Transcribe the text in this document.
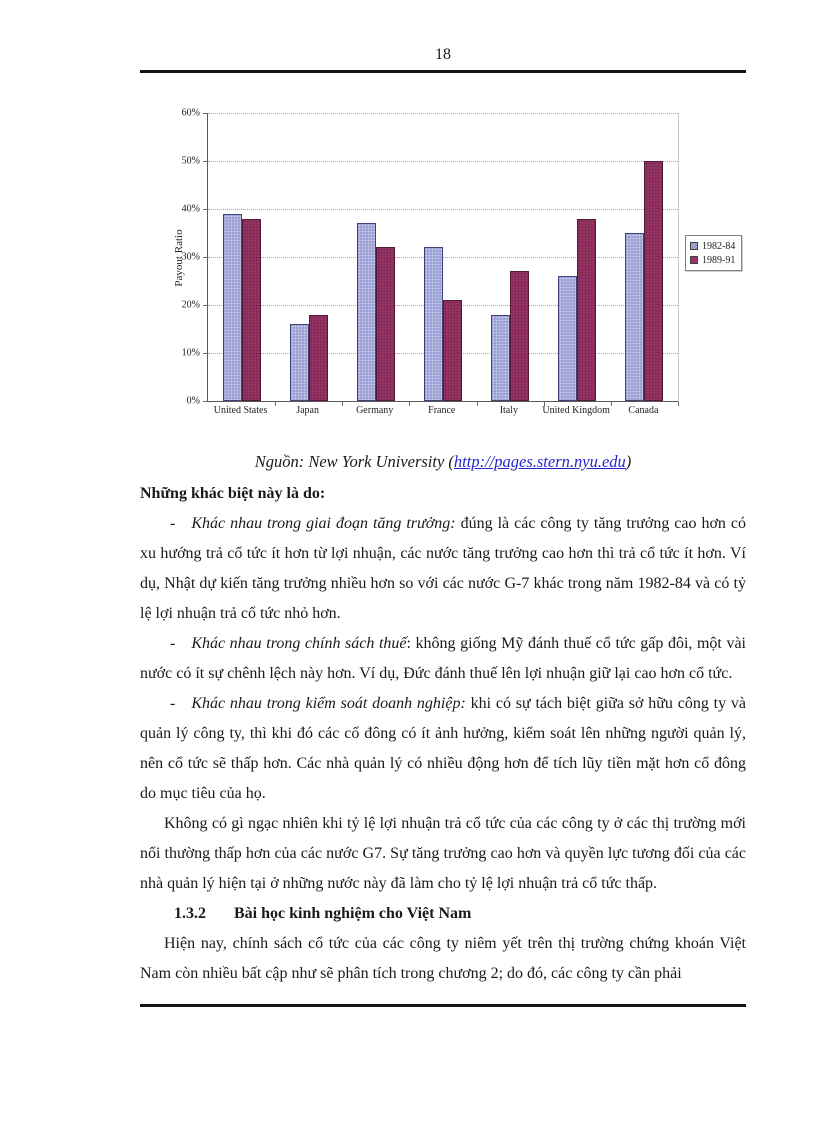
18
Payout Ratio
0%
10%
20%
30%
40%
50%
60%
United States	Japan	Germany	France	Italy	United Kingdom	Canada
1982-84
1989-91
Nguồn: New York University (http://pages.stern.nyu.edu)

Những khác biệt này là do:

- Khác nhau trong giai đoạn tăng trưởng: đúng là các công ty tăng trưởng cao hơn có xu hướng trả cổ tức ít hơn từ lợi nhuận, các nước tăng trưởng cao hơn thì trả cổ tức ít hơn. Ví dụ, Nhật dự kiến tăng trưởng nhiều hơn so với các nước G-7 khác trong năm 1982-84 và có tỷ lệ lợi nhuận trả cổ tức nhỏ hơn.

- Khác nhau trong chính sách thuế: không giống Mỹ đánh thuế cổ tức gấp đôi, một vài nước có ít sự chênh lệch này hơn. Ví dụ, Đức đánh thuế lên lợi nhuận giữ lại cao hơn cổ tức.

- Khác nhau trong kiểm soát doanh nghiệp: khi có sự tách biệt giữa sở hữu công ty và quản lý công ty, thì khi đó các cổ đông có ít ảnh hưởng, kiểm soát lên những người quản lý, nên cổ tức sẽ thấp hơn. Các nhà quản lý có nhiều động hơn để tích lũy tiền mặt hơn cổ đông do mục tiêu của họ.

Không có gì ngạc nhiên khi tỷ lệ lợi nhuận trả cổ tức của các công ty ở các thị trường mới nổi thường thấp hơn của các nước G7. Sự tăng trưởng cao hơn và quyền lực tương đối của các nhà quản lý hiện tại ở những nước này đã làm cho tỷ lệ lợi nhuận trả cổ tức thấp.

1.3.2 Bài học kinh nghiệm cho Việt Nam

Hiện nay, chính sách cổ tức của các công ty niêm yết trên thị trường chứng khoán Việt Nam còn nhiều bất cập như sẽ phân tích trong chương 2; do đó, các công ty cần phải
